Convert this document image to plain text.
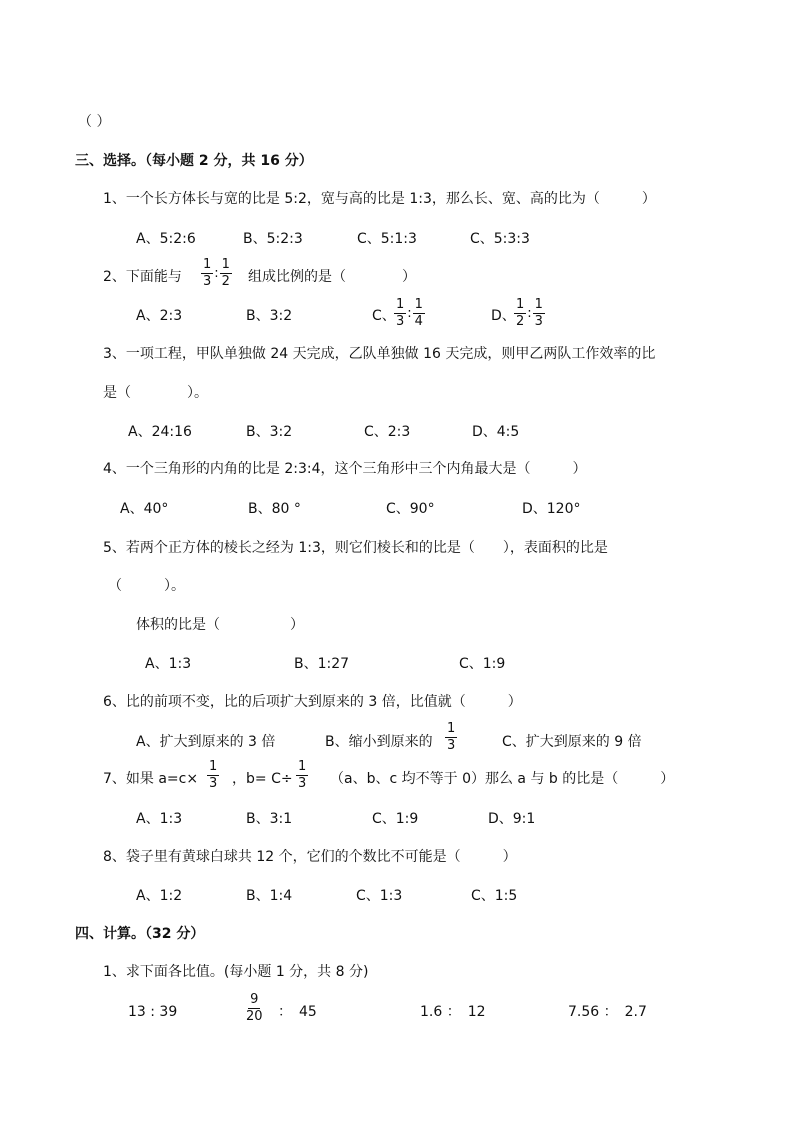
（ ）
三、选择。（每小题 2 分，共 16 分）
1、一个长方体长与宽的比是 5:2，宽与高的比是 1:3，那么长、宽、高的比为（　　　）
A、5:2:6	B、5:2:3	C、5:1:3	C、5:3:3
2、下面能与 $\frac{1}{3}$ : $\frac{1}{2}$ 组成比例的是（　　　　）
A、2:3	B、3:2	C、
$\frac{1}{3}$ : $\frac{1}{4}$	D、
$\frac{1}{2}$ : $\frac{1}{3}$
3、一项工程，甲队单独做 24 天完成，乙队单独做 16 天完成，则甲乙两队工作效率的比
是（　　　　）。
A、24:16	B、3:2	C、2:3	D、4:5
4、一个三角形的内角的比是 2:3:4，这个三角形中三个内角最大是（　　　）
A、40°	B、80 °	C、90°	D、120°
5、若两个正方体的棱长之经为 1:3，则它们棱长和的比是（　　），表面积的比是
（　　　）。
体积的比是（　　　　　）
A、1:3	B、1:27	C、1:9
6、比的前项不变，比的后项扩大到原来的 3 倍，比值就（　　　）
A、扩大到原来的 3 倍	B、缩小到原来的 $\frac{1}{3}$	C、扩大到原来的 9 倍
7、如果 $a=c\times \frac{1}{3}$ ，$b= C\div \frac{1}{3} (a$、b、c 均不等于 0）那么 a 与 b 的比是（　　　）
A、1:3	B、3:1	C、1:9	D、9:1
8、袋子里有黄球白球共 12 个，它们的个数比不可能是（　　　）
A、1:2	B、1:4	C、1:3	C、1:5
四、计算。（32 分）
1、求下面各比值。(每小题 1 分，共 8 分)
13 : 39	$\frac{9}{20}$ ：　45	1.6 ：　12	7.56 ：　2.7
